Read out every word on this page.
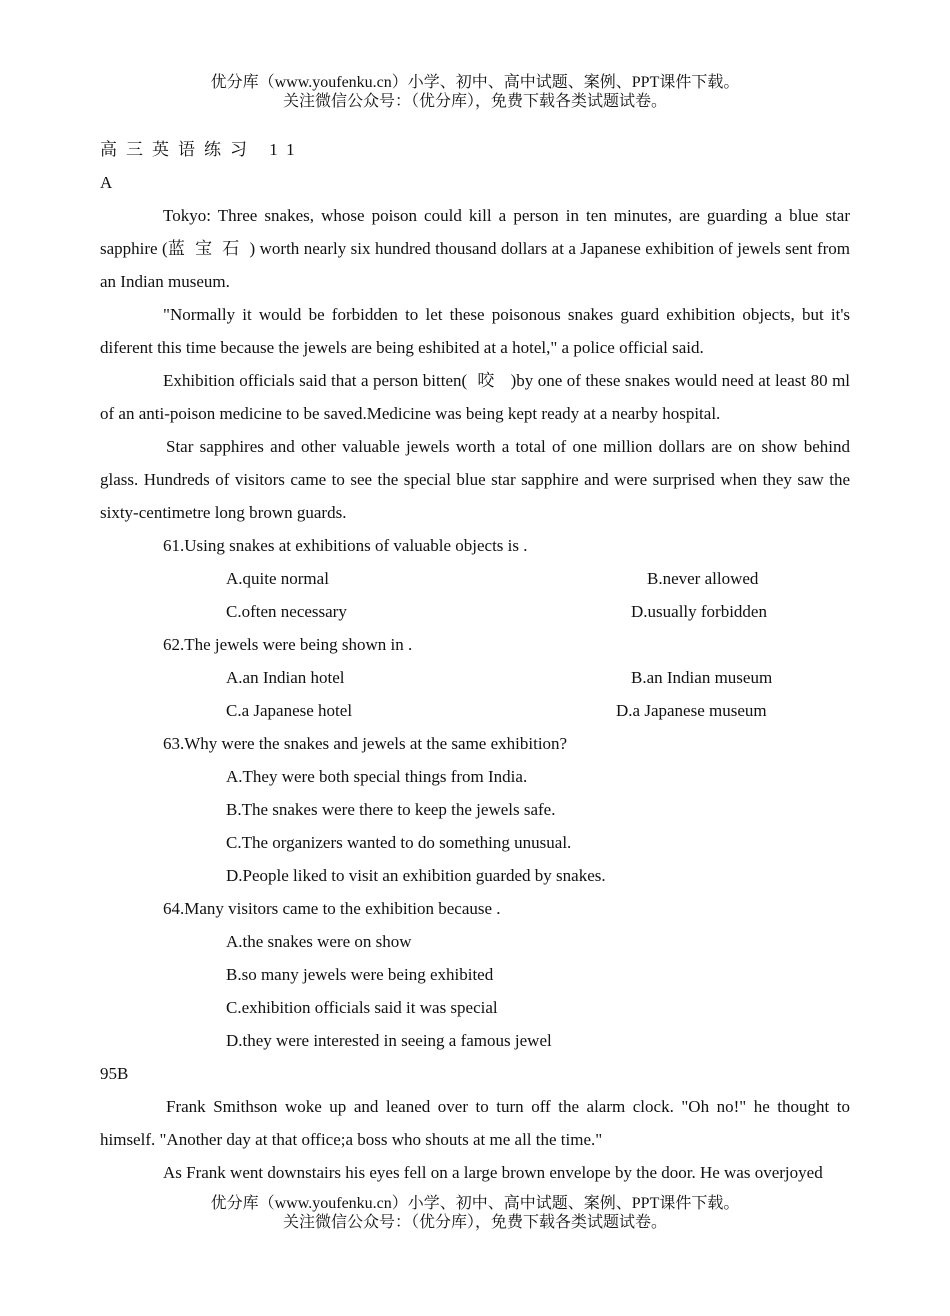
优分库（www.youfenku.cn）小学、初中、高中试题、案例、PPT课件下载。
关注微信公众号：（优分库），免费下载各类试题试卷。
高三英语练习 11
A

Tokyo: Three snakes, whose poison could kill a person in ten minutes, are guarding a blue star sapphire (蓝宝石) worth nearly six hundred thousand dollars at a Japanese exhibition of jewels sent from an Indian museum.

"Normally it would be forbidden to let these poisonous snakes guard exhibition objects, but it's diferent this time because the jewels are being eshibited at a hotel," a police official said.

Exhibition officials said that a person bitten( 咬 )by one of these snakes would need at least 80 ml of an anti-poison medicine to be saved.Medicine was being kept ready at a nearby hospital.

Star sapphires and other valuable jewels worth a total of one million dollars are on show behind glass. Hundreds of visitors came to see the special blue star sapphire and were surprised when they saw the sixty-centimetre long brown guards.

61.Using snakes at exhibitions of valuable objects is .
A.quite normal	B.never allowed
C.often necessary	D.usually forbidden
62.The jewels were being shown in .
A.an Indian hotel	B.an Indian museum
C.a Japanese hotel	D.a Japanese museum
63.Why were the snakes and jewels at the same exhibition?
A.They were both special things from India.
B.The snakes were there to keep the jewels safe.
C.The organizers wanted to do something unusual.
D.People liked to visit an exhibition guarded by snakes.
64.Many visitors came to the exhibition because .
A.the snakes were on show
B.so many jewels were being exhibited
C.exhibition officials said it was special
D.they were interested in seeing a famous jewel
95B

Frank Smithson woke up and leaned over to turn off the alarm clock. "Oh no!" he thought to himself. "Another day at that office;a boss who shouts at me all the time."

As Frank went downstairs his eyes fell on a large brown envelope by the door. He was overjoyed

优分库（www.youfenku.cn）小学、初中、高中试题、案例、PPT课件下载。
关注微信公众号：（优分库），免费下载各类试题试卷。
